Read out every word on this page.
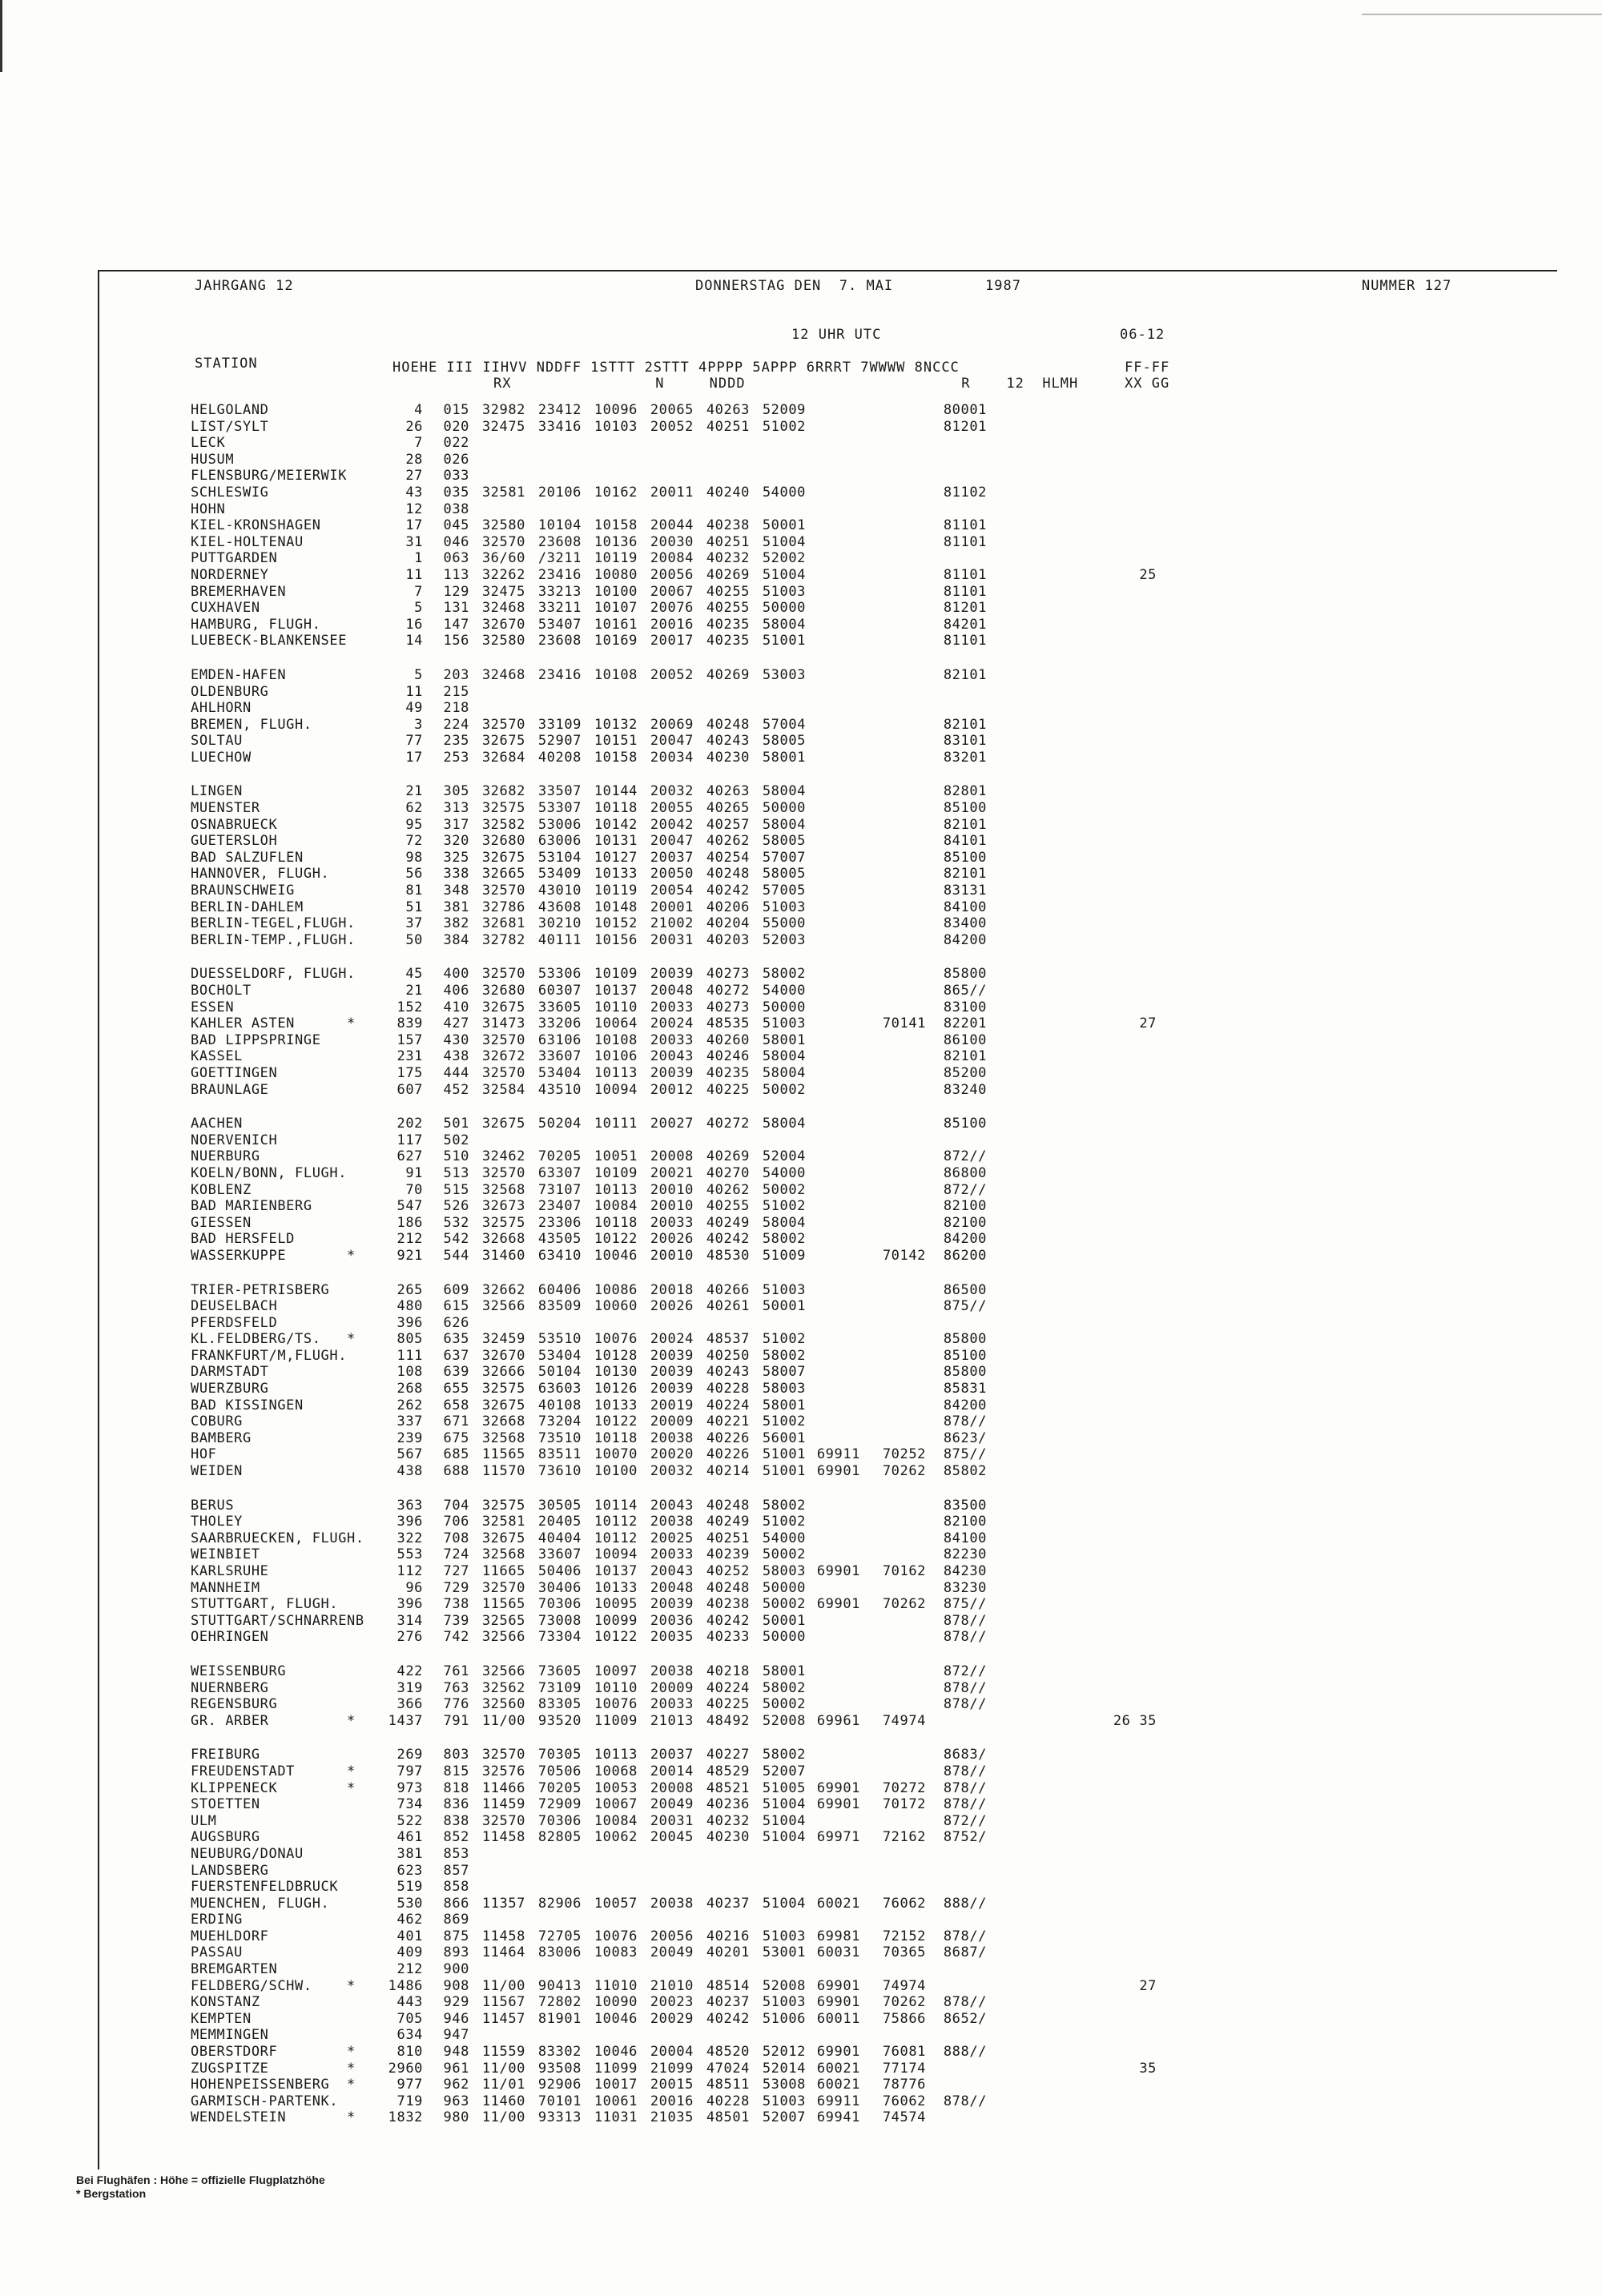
JAHRGANG 12	DONNERSTAG DEN  7. MAI	1987	NUMMER 127
12 UHR UTC	06-12
STATION	HOEHE III IIHVV NDDFF 1STTT 2STTT 4PPPP 5APPP 6RRRT 7WWWW 8NCCC
RX                N     NDDD                        R    12  HLMH
FF-FF
XX GG
HELGOLAND	4	015 32982 23412 10096 20065 40263 52009	80001
LIST/SYLT	26	020 32475 33416 10103 20052 40251 51002	81201
LECK	7	022
HUSUM	28	026
FLENSBURG/MEIERWIK	27	033
SCHLESWIG	43	035 32581 20106 10162 20011 40240 54000	81102
HOHN	12	038
KIEL-KRONSHAGEN	17	045 32580 10104 10158 20044 40238 50001	81101
KIEL-HOLTENAU	31	046 32570 23608 10136 20030 40251 51004	81101
PUTTGARDEN	1	063 36/60 /3211 10119 20084 40232 52002
NORDERNEY	11	113 32262 23416 10080 20056 40269 51004	81101	25
BREMERHAVEN	7	129 32475 33213 10100 20067 40255 51003	81101
CUXHAVEN	5	131 32468 33211 10107 20076 40255 50000	81201
HAMBURG, FLUGH.	16	147 32670 53407 10161 20016 40235 58004	84201
LUEBECK-BLANKENSEE	14	156 32580 23608 10169 20017 40235 51001	81101
EMDEN-HAFEN	5	203 32468 23416 10108 20052 40269 53003	82101
OLDENBURG	11	215
AHLHORN	49	218
BREMEN, FLUGH.	3	224 32570 33109 10132 20069 40248 57004	82101
SOLTAU	77	235 32675 52907 10151 20047 40243 58005	83101
LUECHOW	17	253 32684 40208 10158 20034 40230 58001	83201
LINGEN	21	305 32682 33507 10144 20032 40263 58004	82801
MUENSTER	62	313 32575 53307 10118 20055 40265 50000	85100
OSNABRUECK	95	317 32582 53006 10142 20042 40257 58004	82101
GUETERSLOH	72	320 32680 63006 10131 20047 40262 58005	84101
BAD SALZUFLEN	98	325 32675 53104 10127 20037 40254 57007	85100
HANNOVER, FLUGH.	56	338 32665 53409 10133 20050 40248 58005	82101
BRAUNSCHWEIG	81	348 32570 43010 10119 20054 40242 57005	83131
BERLIN-DAHLEM	51	381 32786 43608 10148 20001 40206 51003	84100
BERLIN-TEGEL,FLUGH.	37	382 32681 30210 10152 21002 40204 55000	83400
BERLIN-TEMP.,FLUGH.	50	384 32782 40111 10156 20031 40203 52003	84200
DUESSELDORF, FLUGH.	45	400 32570 53306 10109 20039 40273 58002	85800
BOCHOLT	21	406 32680 60307 10137 20048 40272 54000	865//
ESSEN	152	410 32675 33605 10110 20033 40273 50000	83100
KAHLER ASTEN      *	839	427 31473 33206 10064 20024 48535 51003	70141	82201	27
BAD LIPPSPRINGE	157	430 32570 63106 10108 20033 40260 58001	86100
KASSEL	231	438 32672 33607 10106 20043 40246 58004	82101
GOETTINGEN	175	444 32570 53404 10113 20039 40235 58004	85200
BRAUNLAGE	607	452 32584 43510 10094 20012 40225 50002	83240
AACHEN	202	501 32675 50204 10111 20027 40272 58004	85100
NOERVENICH	117	502
NUERBURG	627	510 32462 70205 10051 20008 40269 52004	872//
KOELN/BONN, FLUGH.	91	513 32570 63307 10109 20021 40270 54000	86800
KOBLENZ	70	515 32568 73107 10113 20010 40262 50002	872//
BAD MARIENBERG	547	526 32673 23407 10084 20010 40255 51002	82100
GIESSEN	186	532 32575 23306 10118 20033 40249 58004	82100
BAD HERSFELD	212	542 32668 43505 10122 20026 40242 58002	84200
WASSERKUPPE       *	921	544 31460 63410 10046 20010 48530 51009	70142	86200
TRIER-PETRISBERG	265	609 32662 60406 10086 20018 40266 51003	86500
DEUSELBACH	480	615 32566 83509 10060 20026 40261 50001	875//
PFERDSFELD	396	626
KL.FELDBERG/TS.   *	805	635 32459 53510 10076 20024 48537 51002	85800
FRANKFURT/M,FLUGH.	111	637 32670 53404 10128 20039 40250 58002	85100
DARMSTADT	108	639 32666 50104 10130 20039 40243 58007	85800
WUERZBURG	268	655 32575 63603 10126 20039 40228 58003	85831
BAD KISSINGEN	262	658 32675 40108 10133 20019 40224 58001	84200
COBURG	337	671 32668 73204 10122 20009 40221 51002	878//
BAMBERG	239	675 32568 73510 10118 20038 40226 56001	8623/
HOF	567	685 11565 83511 10070 20020 40226 51001 69911	70252	875//
WEIDEN	438	688 11570 73610 10100 20032 40214 51001 69901	70262	85802
BERUS	363	704 32575 30505 10114 20043 40248 58002	83500
THOLEY	396	706 32581 20405 10112 20038 40249 51002	82100
SAARBRUECKEN, FLUGH.	322	708 32675 40404 10112 20025 40251 54000	84100
WEINBIET	553	724 32568 33607 10094 20033 40239 50002	82230
KARLSRUHE	112	727 11665 50406 10137 20043 40252 58003 69901	70162	84230
MANNHEIM	96	729 32570 30406 10133 20048 40248 50000	83230
STUTTGART, FLUGH.	396	738 11565 70306 10095 20039 40238 50002 69901	70262	875//
STUTTGART/SCHNARRENB	314	739 32565 73008 10099 20036 40242 50001	878//
OEHRINGEN	276	742 32566 73304 10122 20035 40233 50000	878//
WEISSENBURG	422	761 32566 73605 10097 20038 40218 58001	872//
NUERNBERG	319	763 32562 73109 10110 20009 40224 58002	878//
REGENSBURG	366	776 32560 83305 10076 20033 40225 50002	878//
GR. ARBER         *	1437	791 11/00 93520 11009 21013 48492 52008 69961	74974	26 35
FREIBURG	269	803 32570 70305 10113 20037 40227 58002	8683/
FREUDENSTADT      *	797	815 32576 70506 10068 20014 48529 52007	878//
KLIPPENECK        *	973	818 11466 70205 10053 20008 48521 51005 69901	70272	878//
STOETTEN	734	836 11459 72909 10067 20049 40236 51004 69901	70172	878//
ULM	522	838 32570 70306 10084 20031 40232 51004	872//
AUGSBURG	461	852 11458 82805 10062 20045 40230 51004 69971	72162	8752/
NEUBURG/DONAU	381	853
LANDSBERG	623	857
FUERSTENFELDBRUCK	519	858
MUENCHEN, FLUGH.	530	866 11357 82906 10057 20038 40237 51004 60021	76062	888//
ERDING	462	869
MUEHLDORF	401	875 11458 72705 10076 20056 40216 51003 69981	72152	878//
PASSAU	409	893 11464 83006 10083 20049 40201 53001 60031	70365	8687/
BREMGARTEN	212	900
FELDBERG/SCHW.    *	1486	908 11/00 90413 11010 21010 48514 52008 69901	74974	27
KONSTANZ	443	929 11567 72802 10090 20023 40237 51003 69901	70262	878//
KEMPTEN	705	946 11457 81901 10046 20029 40242 51006 60011	75866	8652/
MEMMINGEN	634	947
OBERSTDORF        *	810	948 11559 83302 10046 20004 48520 52012 69901	76081	888//
ZUGSPITZE         *	2960	961 11/00 93508 11099 21099 47024 52014 60021	77174	35
HOHENPEISSENBERG  *	977	962 11/01 92906 10017 20015 48511 53008 60021	78776
GARMISCH-PARTENK.	719	963 11460 70101 10061 20016 40228 51003 69911	76062	878//
WENDELSTEIN       *	1832	980 11/00 93313 11031 21035 48501 52007 69941	74574
Bei Flughäfen : Höhe = offizielle Flugplatzhöhe
* Bergstation
